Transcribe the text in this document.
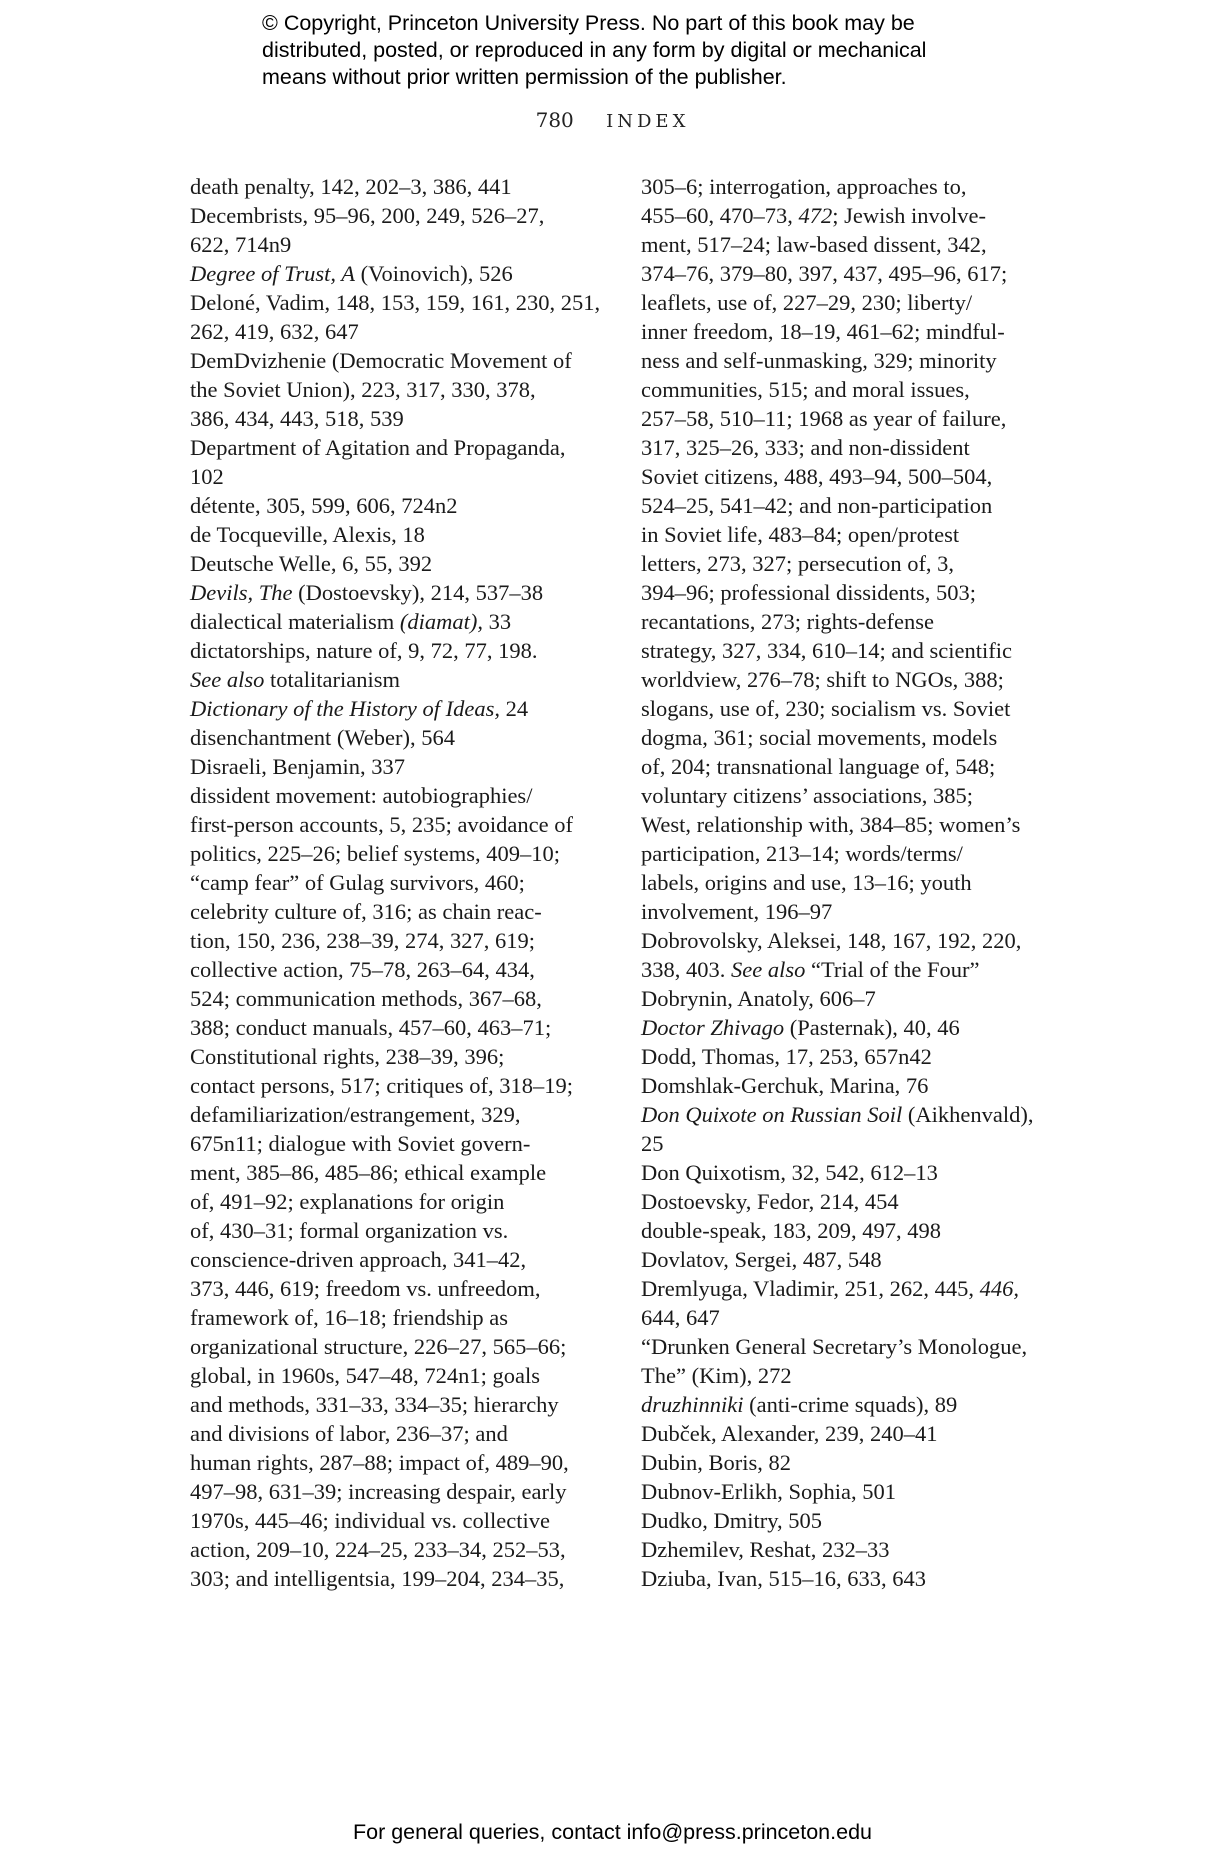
© Copyright, Princeton University Press. No part of this book may be
distributed, posted, or reproduced in any form by digital or mechanical
means without prior written permission of the publisher.
780 INDEX
death penalty, 142, 202–3, 386, 441
Decembrists, 95–96, 200, 249, 526–27,
622, 714n9
Degree of Trust, A (Voinovich), 526
Deloné, Vadim, 148, 153, 159, 161, 230, 251,
262, 419, 632, 647
DemDvizhenie (Democratic Movement of
the Soviet Union), 223, 317, 330, 378,
386, 434, 443, 518, 539
Department of Agitation and Propaganda,
102
détente, 305, 599, 606, 724n2
de Tocqueville, Alexis, 18
Deutsche Welle, 6, 55, 392
Devils, The (Dostoevsky), 214, 537–38
dialectical materialism (diamat), 33
dictatorships, nature of, 9, 72, 77, 198.
See also totalitarianism
Dictionary of the History of Ideas, 24
disenchantment (Weber), 564
Disraeli, Benjamin, 337
dissident movement: autobiographies/
first-person accounts, 5, 235; avoidance of
politics, 225–26; belief systems, 409–10;
“camp fear” of Gulag survivors, 460;
celebrity culture of, 316; as chain reac-
tion, 150, 236, 238–39, 274, 327, 619;
collective action, 75–78, 263–64, 434,
524; communication methods, 367–68,
388; conduct manuals, 457–60, 463–71;
Constitutional rights, 238–39, 396;
contact persons, 517; critiques of, 318–19;
defamiliarization/estrangement, 329,
675n11; dialogue with Soviet govern-
ment, 385–86, 485–86; ethical example
of, 491–92; explanations for origin
of, 430–31; formal organization vs.
conscience-driven approach, 341–42,
373, 446, 619; freedom vs. unfreedom,
framework of, 16–18; friendship as
organizational structure, 226–27, 565–66;
global, in 1960s, 547–48, 724n1; goals
and methods, 331–33, 334–35; hierarchy
and divisions of labor, 236–37; and
human rights, 287–88; impact of, 489–90,
497–98, 631–39; increasing despair, early
1970s, 445–46; individual vs. collective
action, 209–10, 224–25, 233–34, 252–53,
303; and intelligentsia, 199–204, 234–35,
305–6; interrogation, approaches to,
455–60, 470–73, 472; Jewish involve-
ment, 517–24; law-based dissent, 342,
374–76, 379–80, 397, 437, 495–96, 617;
leaflets, use of, 227–29, 230; liberty/
inner freedom, 18–19, 461–62; mindful-
ness and self-unmasking, 329; minority
communities, 515; and moral issues,
257–58, 510–11; 1968 as year of failure,
317, 325–26, 333; and non-dissident
Soviet citizens, 488, 493–94, 500–504,
524–25, 541–42; and non-participation
in Soviet life, 483–84; open/protest
letters, 273, 327; persecution of, 3,
394–96; professional dissidents, 503;
recantations, 273; rights-defense
strategy, 327, 334, 610–14; and scientific
worldview, 276–78; shift to NGOs, 388;
slogans, use of, 230; socialism vs. Soviet
dogma, 361; social movements, models
of, 204; transnational language of, 548;
voluntary citizens’ associations, 385;
West, relationship with, 384–85; women’s
participation, 213–14; words/terms/
labels, origins and use, 13–16; youth
involvement, 196–97
Dobrovolsky, Aleksei, 148, 167, 192, 220,
338, 403. See also “Trial of the Four”
Dobrynin, Anatoly, 606–7
Doctor Zhivago (Pasternak), 40, 46
Dodd, Thomas, 17, 253, 657n42
Domshlak-Gerchuk, Marina, 76
Don Quixote on Russian Soil (Aikhenvald),
25
Don Quixotism, 32, 542, 612–13
Dostoevsky, Fedor, 214, 454
double-speak, 183, 209, 497, 498
Dovlatov, Sergei, 487, 548
Dremlyuga, Vladimir, 251, 262, 445, 446,
644, 647
“Drunken General Secretary’s Monologue,
The” (Kim), 272
druzhinniki (anti-crime squads), 89
Dubček, Alexander, 239, 240–41
Dubin, Boris, 82
Dubnov-Erlikh, Sophia, 501
Dudko, Dmitry, 505
Dzhemilev, Reshat, 232–33
Dziuba, Ivan, 515–16, 633, 643
For general queries, contact info@press.princeton.edu
